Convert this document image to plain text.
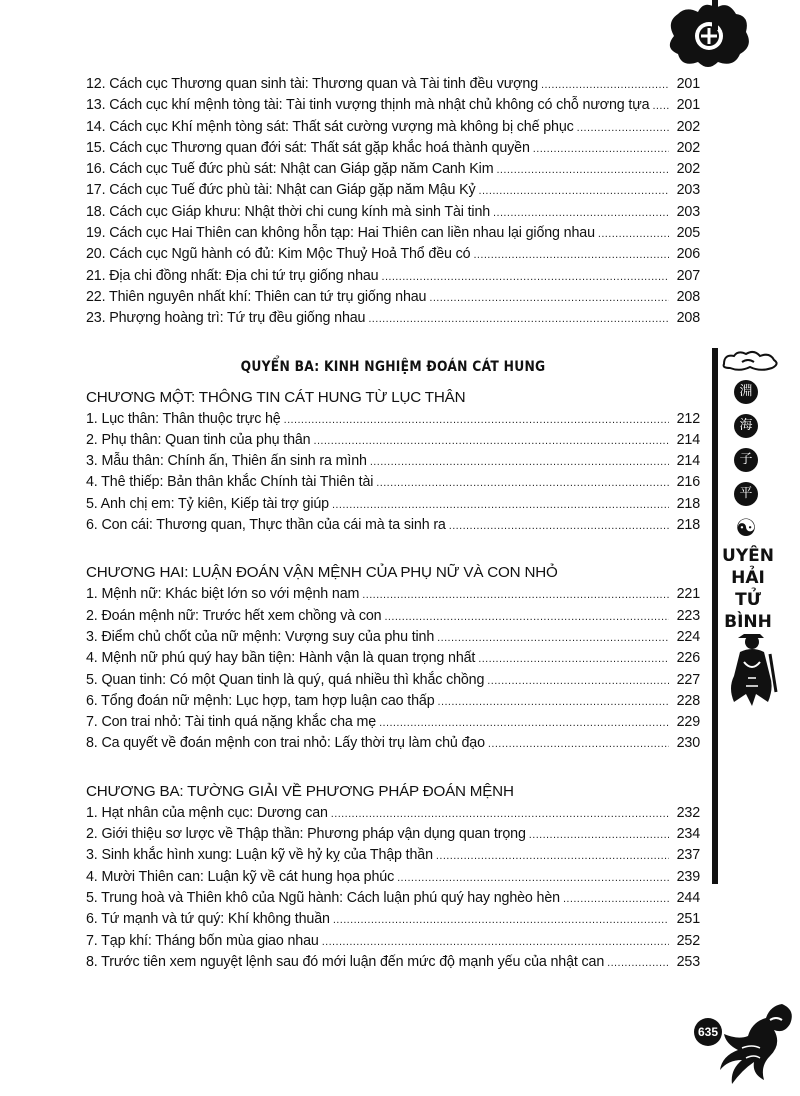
12. Cách cục Thương quan sinh tài: Thương quan và Tài tinh đều vượng .....	201
13. Cách cục khí mệnh tòng tài: Tài tinh vượng thịnh mà nhật chủ không có chỗ nương tựa .....	201
14. Cách cục Khí mệnh tòng sát: Thất sát cường vượng mà không bị chế phục .....	202
15. Cách cục Thương quan đới sát: Thất sát gặp khắc hoá thành quyền .....	202
16. Cách cục Tuế đức phù sát: Nhật can Giáp gặp năm Canh Kim .....	202
17. Cách cục Tuế đức phù tài: Nhật can Giáp gặp năm Mậu Kỷ .....	203
18. Cách cục Giáp khưu: Nhật thời chi cung kính mà sinh Tài tinh .....	203
19. Cách cục Hai Thiên can không hỗn tạp: Hai Thiên can liền nhau lại giống nhau .....	205
20. Cách cục Ngũ hành có đủ: Kim Mộc Thuỷ Hoả Thổ đều có .....	206
21. Địa chi đồng nhất: Địa chi tứ trụ giống nhau .....	207
22. Thiên nguyên nhất khí: Thiên can tứ trụ giống nhau .....	208
23. Phượng hoàng trì: Tứ trụ đều giống nhau .....	208
QUYỂN BA: KINH NGHIỆM ĐOÁN CÁT HUNG
CHƯƠNG MỘT: THÔNG TIN CÁT HUNG TỪ LỤC THÂN
1. Lục thân: Thân thuộc trực hệ .....	212
2. Phụ thân: Quan tinh của phụ thân .....	214
3. Mẫu thân: Chính ấn, Thiên ấn sinh ra mình .....	214
4. Thê thiếp: Bản thân khắc Chính tài Thiên tài .....	216
5. Anh chị em: Tỷ kiên, Kiếp tài trợ giúp .....	218
6. Con cái: Thương quan, Thực thần của cái mà ta sinh ra .....	218
CHƯƠNG HAI: LUẬN ĐOÁN VẬN MỆNH CỦA PHỤ NỮ VÀ CON NHỎ
1. Mệnh nữ: Khác biệt lớn so với mệnh nam .....	221
2. Đoán mệnh nữ: Trước hết xem chồng và con .....	223
3. Điểm chủ chốt của nữ mệnh: Vượng suy của phu tinh .....	224
4. Mệnh nữ phú quý hay bần tiện: Hành vận là quan trọng nhất .....	226
5. Quan tinh: Có một Quan tinh là quý, quá nhiều thì khắc chồng .....	227
6. Tổng đoán nữ mệnh: Lục hợp, tam hợp luận cao thấp .....	228
7. Con trai nhỏ: Tài tinh quá nặng khắc cha mẹ .....	229
8. Ca quyết về đoán mệnh con trai nhỏ: Lấy thời trụ làm chủ đạo .....	230
CHƯƠNG BA: TƯỜNG GIẢI VỀ PHƯƠNG PHÁP ĐOÁN MỆNH
1. Hạt nhân của mệnh cục: Dương can .....	232
2. Giới thiệu sơ lược về Thập thần: Phương pháp vận dụng quan trọng .....	234
3. Sinh khắc hình xung: Luận kỹ về hỷ kỵ của Thập thần .....	237
4. Mười Thiên can: Luận kỹ về cát hung họa phúc .....	239
5. Trung hoà và Thiên khô của Ngũ hành: Cách luận phú quý hay nghèo hèn .....	244
6. Tứ mạnh và tứ quý: Khí không thuần .....	251
7. Tạp khí: Tháng bốn mùa giao nhau .....	252
8. Trước tiên xem nguyệt lệnh sau đó mới luận đến mức độ mạnh yếu của nhật can .....	253
淵
海
子
平
☯
UYÊN
HẢI
TỬ
BÌNH
635
